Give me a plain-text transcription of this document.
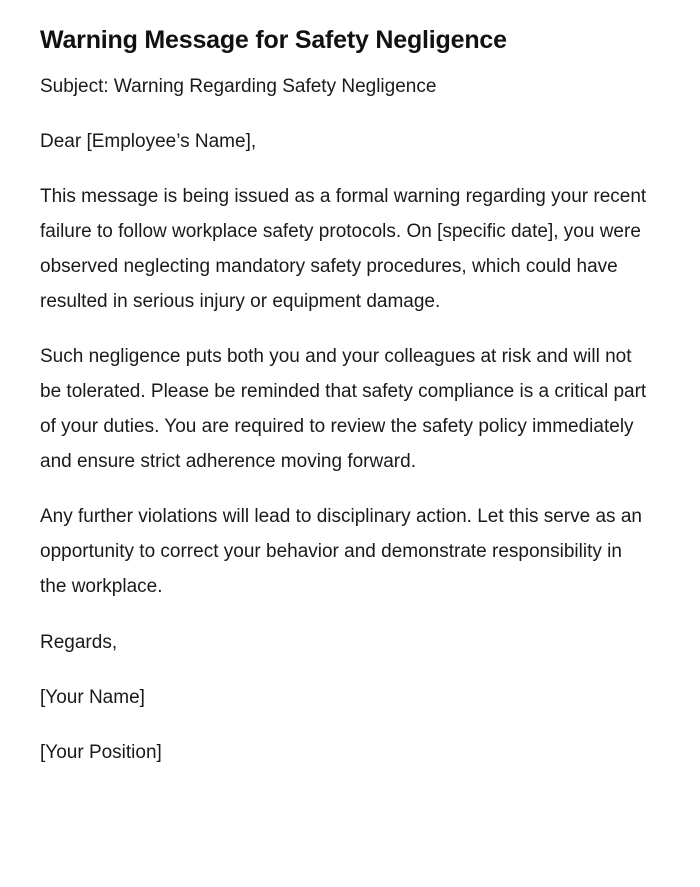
Warning Message for Safety Negligence

Subject: Warning Regarding Safety Negligence

Dear [Employee’s Name],

This message is being issued as a formal warning regarding your recent failure to follow workplace safety protocols. On [specific date], you were observed neglecting mandatory safety procedures, which could have resulted in serious injury or equipment damage.

Such negligence puts both you and your colleagues at risk and will not be tolerated. Please be reminded that safety compliance is a critical part of your duties. You are required to review the safety policy immediately and ensure strict adherence moving forward.

Any further violations will lead to disciplinary action. Let this serve as an opportunity to correct your behavior and demonstrate responsibility in the workplace.

Regards,

[Your Name]

[Your Position]
